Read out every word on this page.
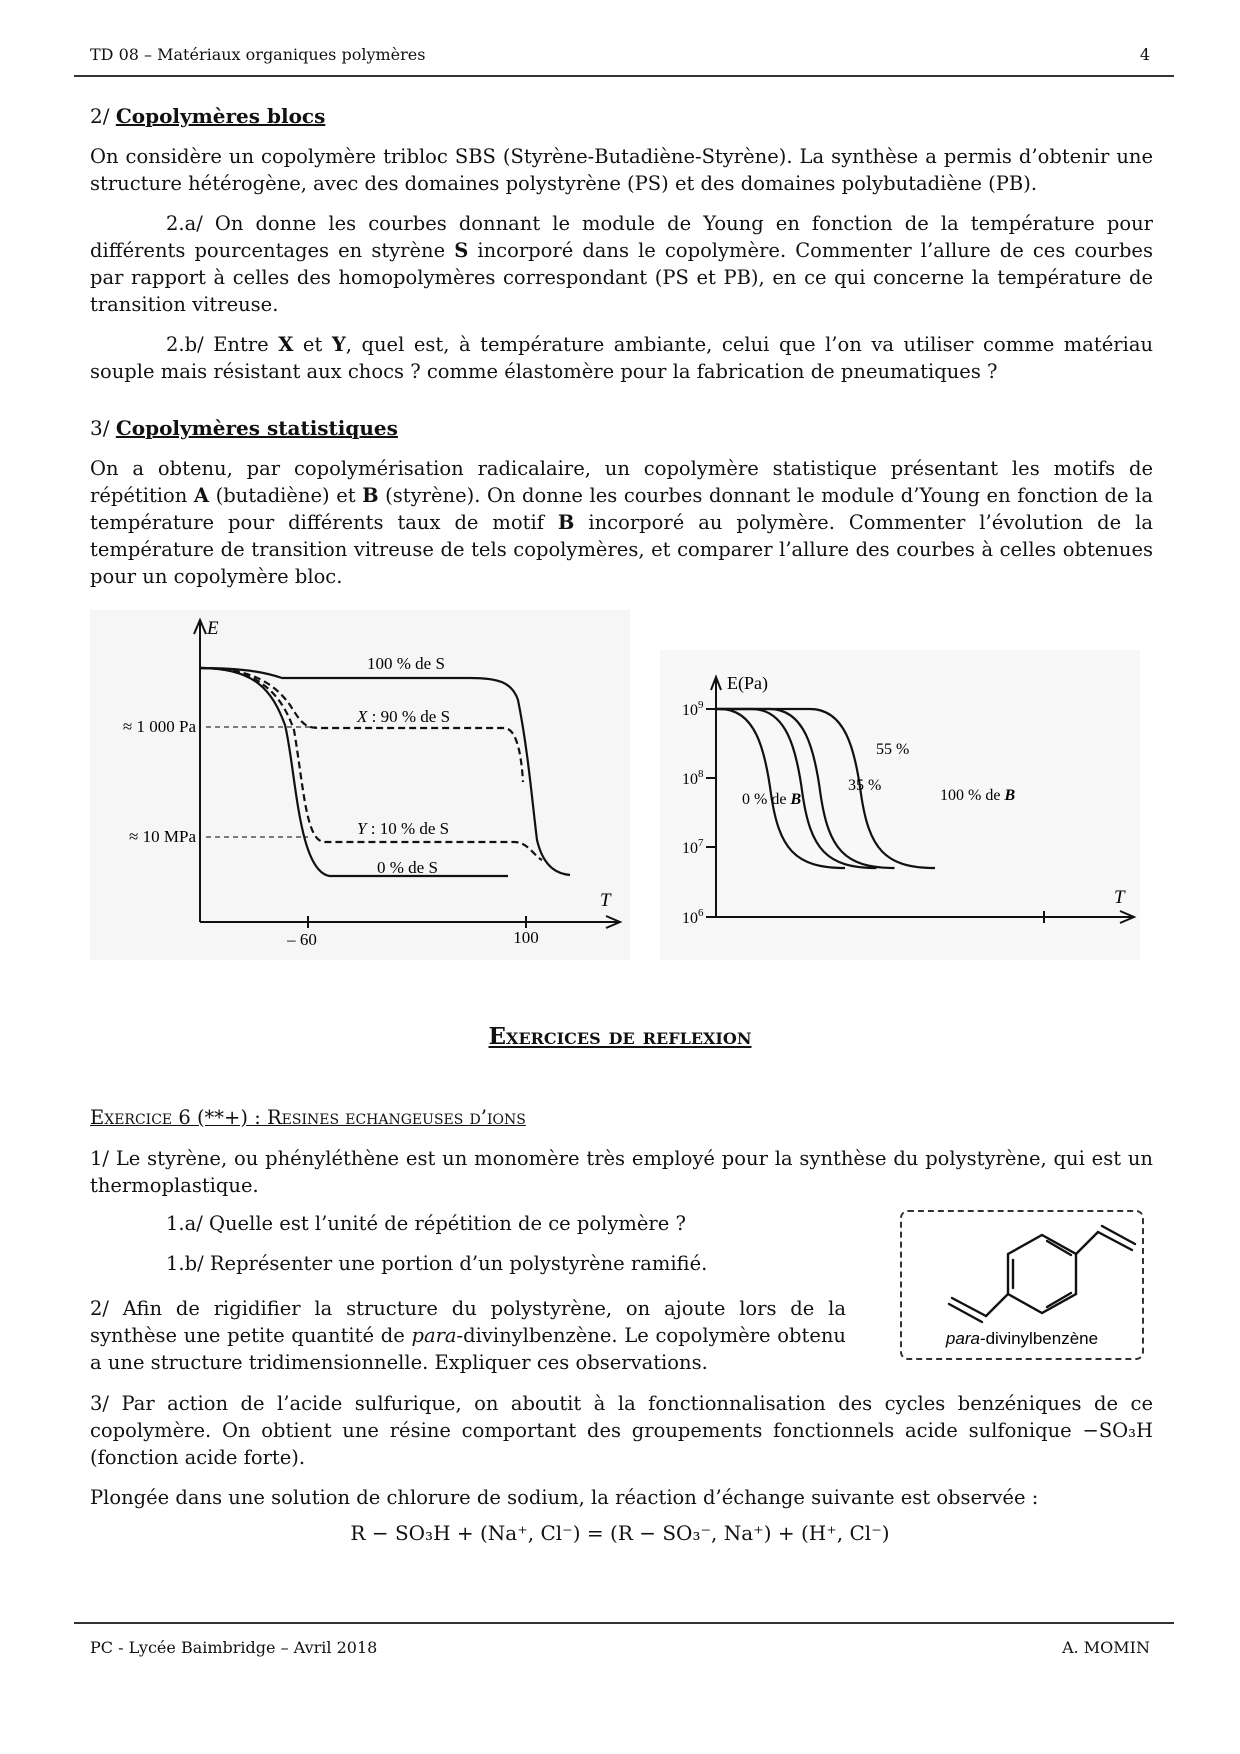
TD 08 – Matériaux organiques polymères	4
2/ Copolymères blocs

On considère un copolymère tribloc SBS (Styrène-Butadiène-Styrène). La synthèse a permis d’obtenir une structure hétérogène, avec des domaines polystyrène (PS) et des domaines polybutadiène (PB).

2.a/ On donne les courbes donnant le module de Young en fonction de la température pour différents pourcentages en styrène S incorporé dans le copolymère. Commenter l’allure de ces courbes par rapport à celles des homopolymères correspondant (PS et PB), en ce qui concerne la température de transition vitreuse.

2.b/ Entre X et Y, quel est, à température ambiante, celui que l’on va utiliser comme matériau souple mais résistant aux chocs ? comme élastomère pour la fabrication de pneumatiques ?

3/ Copolymères statistiques

On a obtenu, par copolymérisation radicalaire, un copolymère statistique présentant les motifs de répétition A (butadiène) et B (styrène). On donne les courbes donnant le module d’Young en fonction de la température pour différents taux de motif B incorporé au polymère. Commenter l’évolution de la température de transition vitreuse de tels copolymères, et comparer l’allure des courbes à celles obtenues pour un copolymère bloc.

E
T
≈ 1 000 Pa
≈ 10 MPa
– 60	100
100 % de S
X : 90 % de S
Y : 10 % de S
0 % de S
E(Pa)
T
$10^9$
$10^8$
$10^7$
$10^6$
0 % de B
35 %
55 %
100 % de B
Exercices de reflexion
Exercice 6 (**+) : Resines echangeuses d’ions

1/ Le styrène, ou phényléthène est un monomère très employé pour la synthèse du polystyrène, qui est un thermoplastique.

1.a/ Quelle est l’unité de répétition de ce polymère ?
1.b/ Représenter une portion d’un polystyrène ramifié.

2/ Afin de rigidifier la structure du polystyrène, on ajoute lors de la synthèse une petite quantité de para-divinylbenzène. Le copolymère obtenu a une structure tridimensionnelle. Expliquer ces observations.

para-divinylbenzène

3/ Par action de l’acide sulfurique, on aboutit à la fonctionnalisation des cycles benzéniques de ce copolymère. On obtient une résine comportant des groupements fonctionnels acide sulfonique −SO₃H (fonction acide forte).

Plongée dans une solution de chlorure de sodium, la réaction d’échange suivante est observée :

R − SO₃H + (Na⁺, Cl⁻) = (R − SO₃⁻, Na⁺) + (H⁺, Cl⁻)
PC - Lycée Baimbridge – Avril 2018	A. MOMIN
